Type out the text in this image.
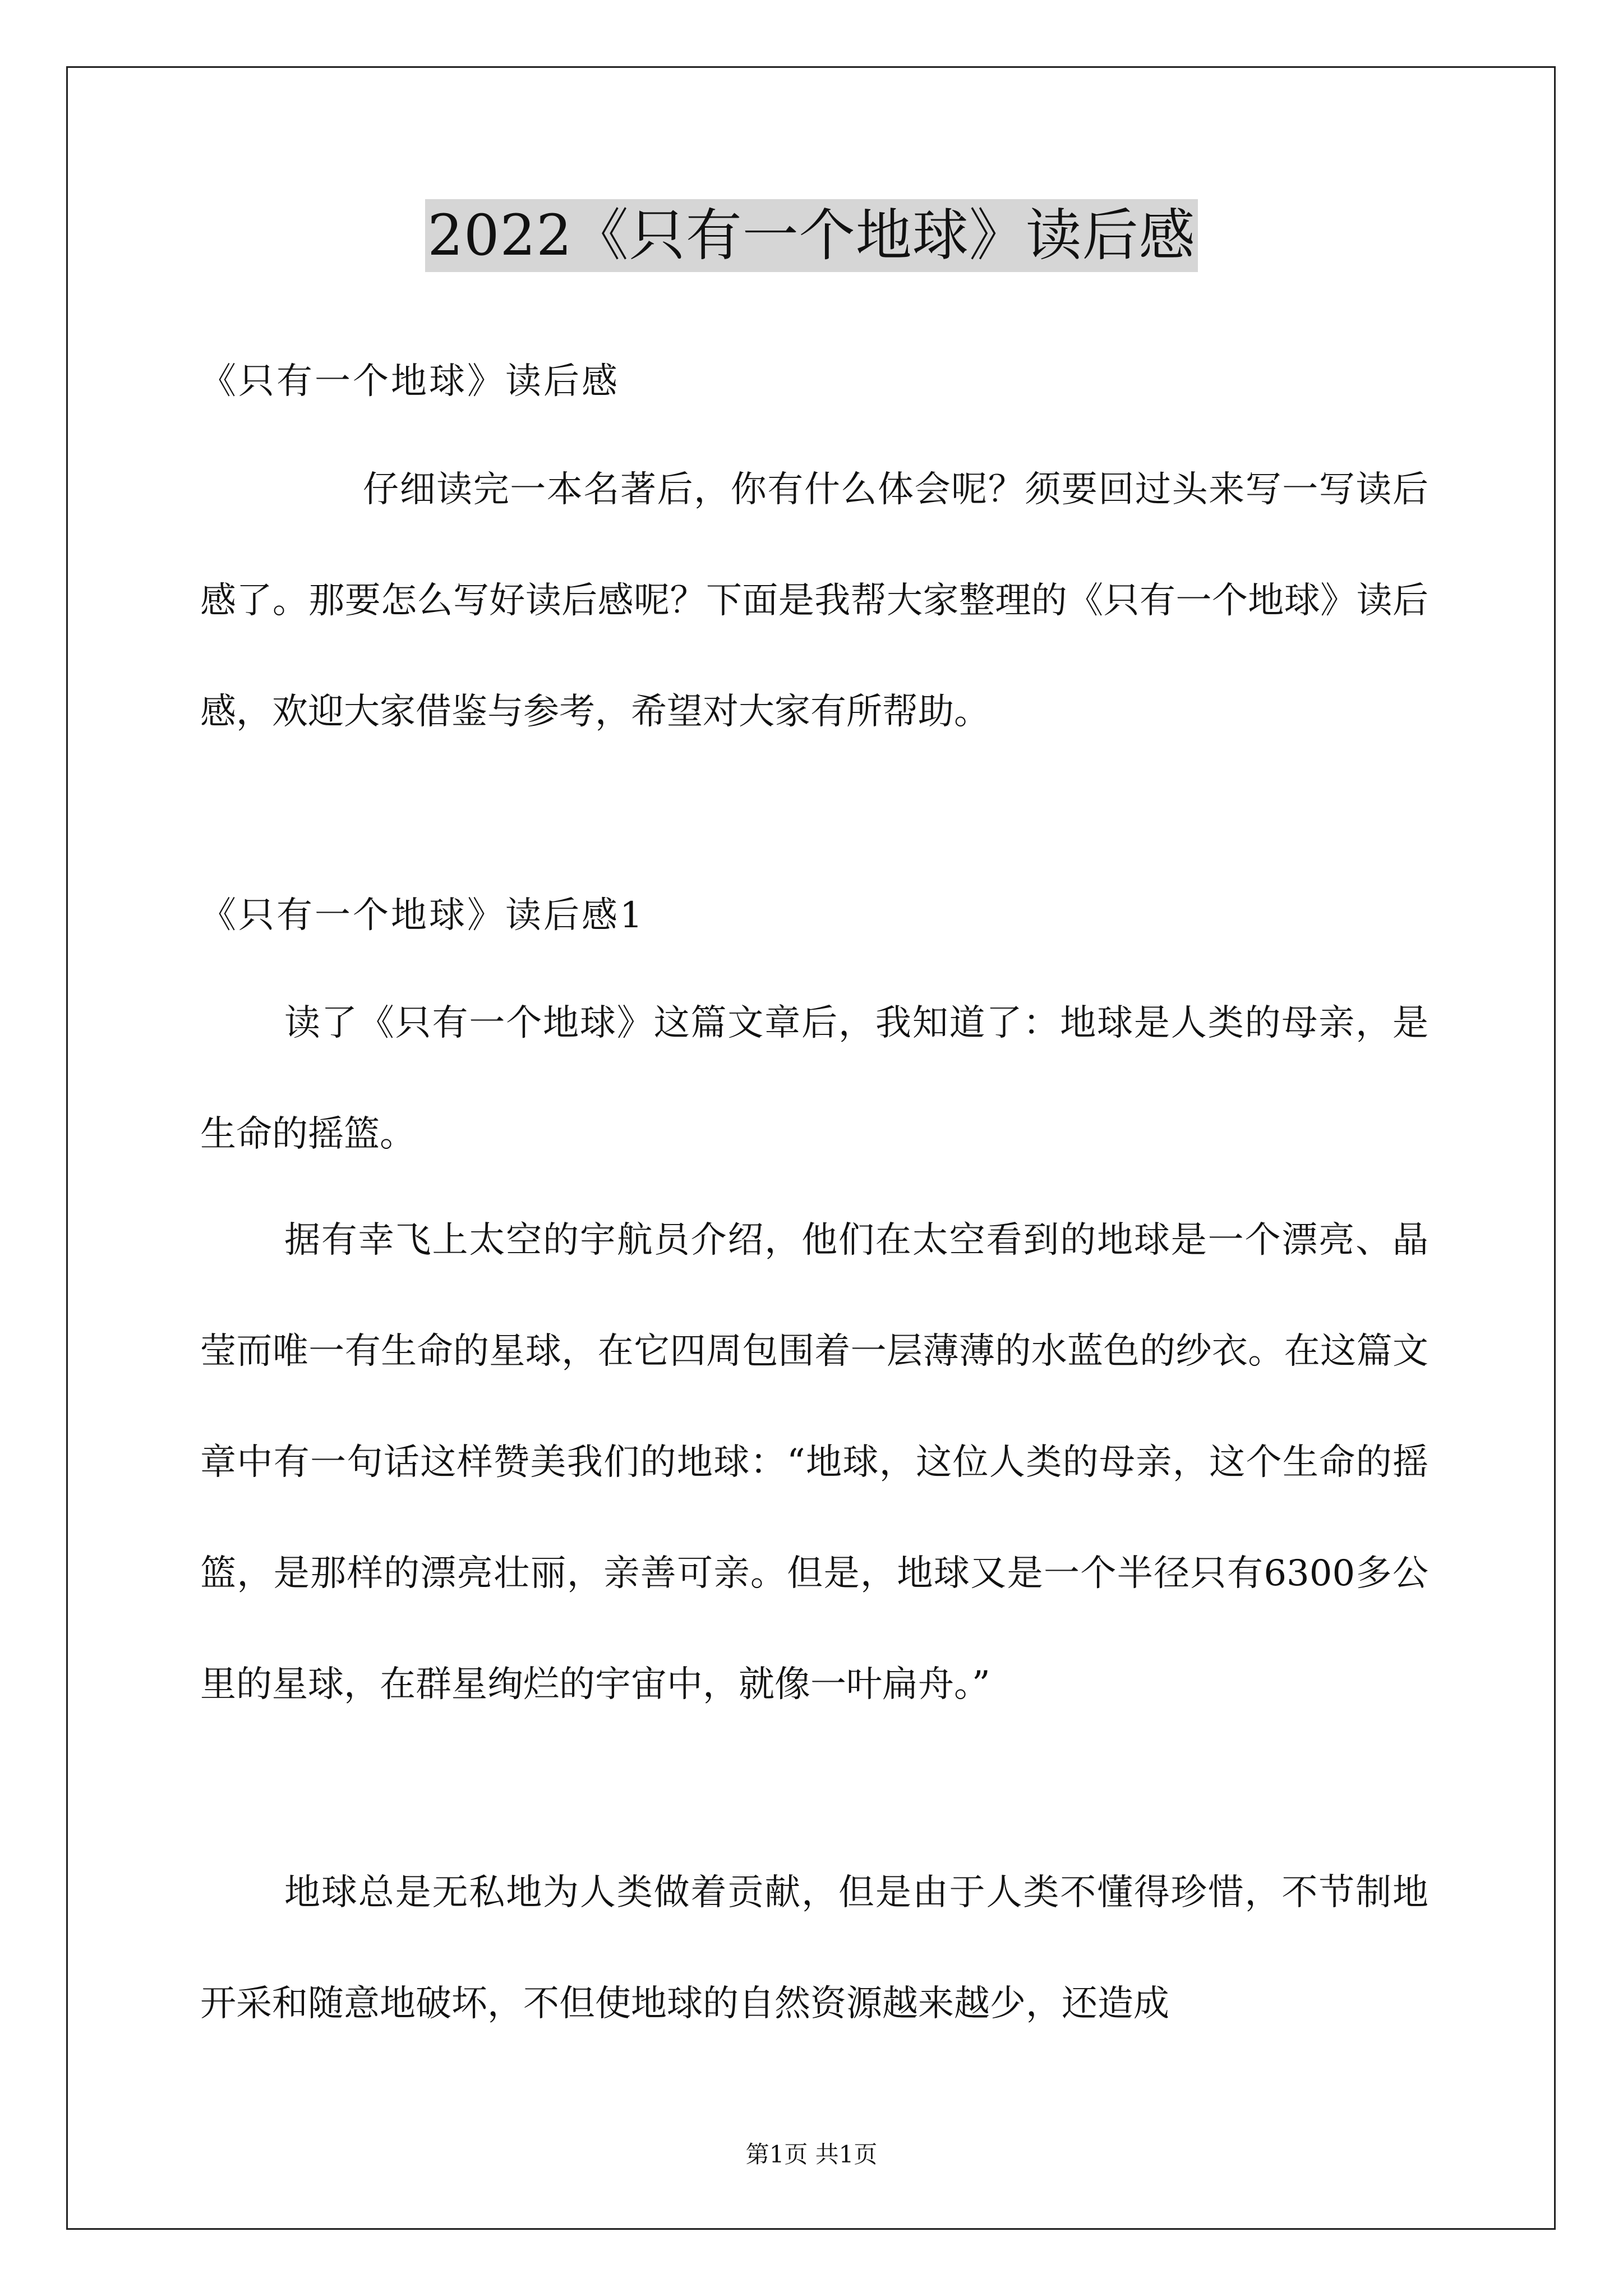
2022《只有一个地球》读后感
《只有一个地球》读后感
仔细读完一本名著后，你有什么体会呢？须要回过头来写一写读后感了。那要怎么写好读后感呢？下面是我帮大家整理的《只有一个地球》读后感，欢迎大家借鉴与参考，希望对大家有所帮助。
《只有一个地球》读后感1
读了《只有一个地球》这篇文章后，我知道了：地球是人类的母亲，是生命的摇篮。
据有幸飞上太空的宇航员介绍，他们在太空看到的地球是一个漂亮、晶莹而唯一有生命的星球，在它四周包围着一层薄薄的水蓝色的纱衣。在这篇文章中有一句话这样赞美我们的地球：“地球，这位人类的母亲，这个生命的摇篮，是那样的漂亮壮丽，亲善可亲。但是，地球又是一个半径只有6300多公里的星球，在群星绚烂的宇宙中，就像一叶扁舟。”
地球总是无私地为人类做着贡献，但是由于人类不懂得珍惜，不节制地开采和随意地破坏，不但使地球的自然资源越来越少，还造成
第1页 共1页
